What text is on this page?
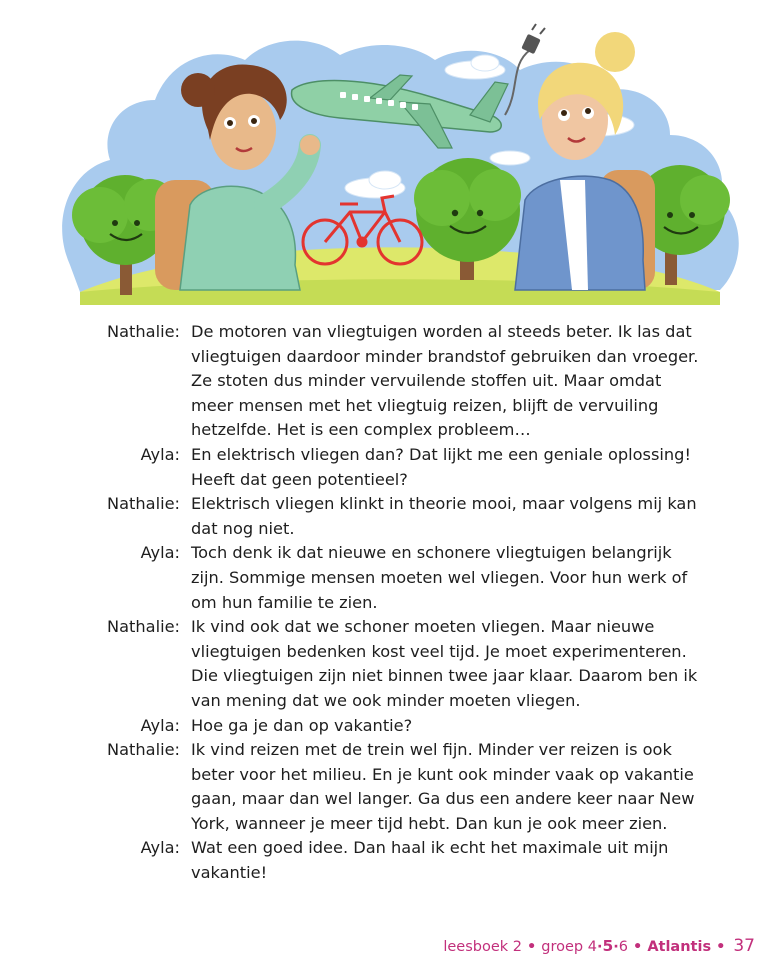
Nathalie: De motoren van vliegtuigen worden al steeds beter. Ik las dat
vliegtuigen daardoor minder brandstof gebruiken dan vroeger.
Ze stoten dus minder vervuilende stoffen uit. Maar omdat
meer mensen met het vliegtuig reizen, blijft de vervuiling
hetzelfde. Het is een complex probleem…
Ayla: En elektrisch vliegen dan? Dat lijkt me een geniale oplossing!
Heeft dat geen potentieel?
Nathalie: Elektrisch vliegen klinkt in theorie mooi, maar volgens mij kan
dat nog niet.
Ayla: Toch denk ik dat nieuwe en schonere vliegtuigen belangrijk
zijn. Sommige mensen moeten wel vliegen. Voor hun werk of
om hun familie te zien.
Nathalie: Ik vind ook dat we schoner moeten vliegen. Maar nieuwe
vliegtuigen bedenken kost veel tijd. Je moet experimenteren.
Die vliegtuigen zijn niet binnen twee jaar klaar. Daarom ben ik
van mening dat we ook minder moeten vliegen.
Ayla: Hoe ga je dan op vakantie?
Nathalie: Ik vind reizen met de trein wel fijn. Minder ver reizen is ook
beter voor het milieu. En je kunt ook minder vaak op vakantie
gaan, maar dan wel langer. Ga dus een andere keer naar New
York, wanneer je meer tijd hebt. Dan kun je ook meer zien.
Ayla: Wat een goed idee. Dan haal ik echt het maximale uit mijn
vakantie!
leesboek 2 • groep 4·5·6 • Atlantis • 37
